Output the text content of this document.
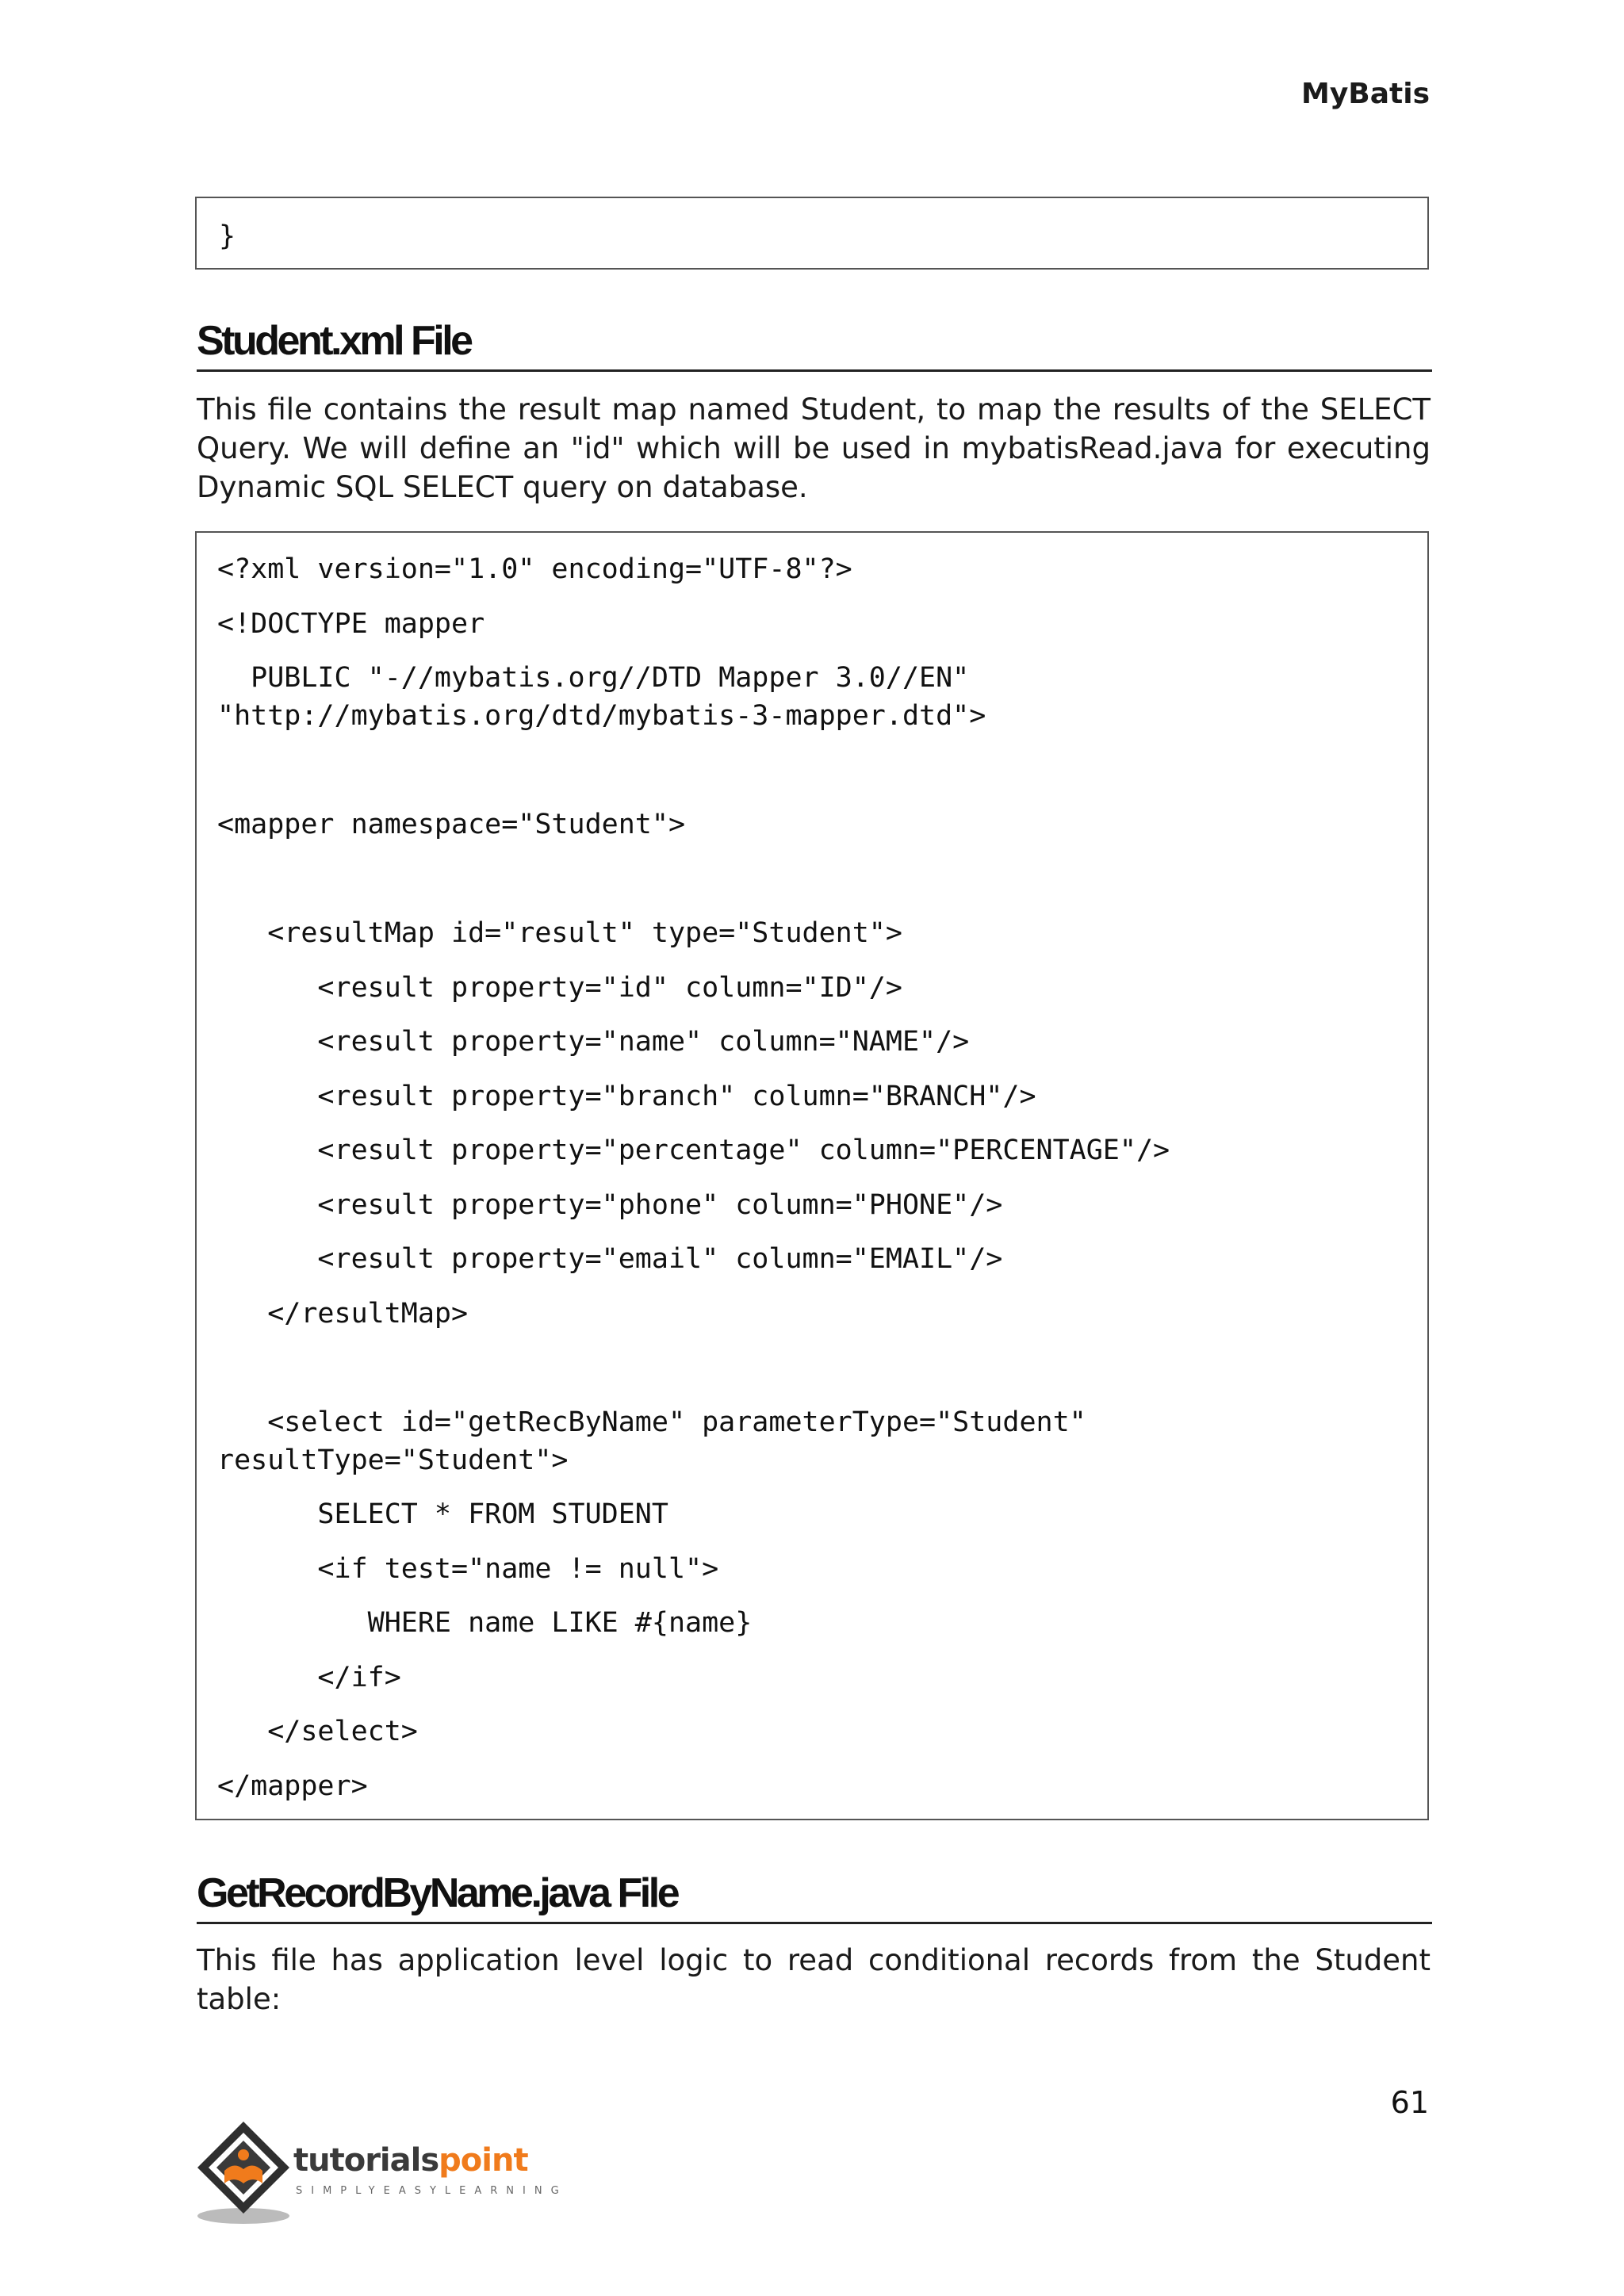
MyBatis
}
Student.xml File
This file contains the result map named Student, to map the results of the SELECT Query. We will define an "id" which will be used in mybatisRead.java for executing Dynamic SQL SELECT query on database.
<?xml version="1.0" encoding="UTF-8"?>
<!DOCTYPE mapper
PUBLIC "-//mybatis.org//DTD Mapper 3.0//EN"
"http://mybatis.org/dtd/mybatis-3-mapper.dtd">
<mapper namespace="Student">
<resultMap id="result" type="Student">
<result property="id" column="ID"/>
<result property="name" column="NAME"/>
<result property="branch" column="BRANCH"/>
<result property="percentage" column="PERCENTAGE"/>
<result property="phone" column="PHONE"/>
<result property="email" column="EMAIL"/>
</resultMap>
<select id="getRecByName" parameterType="Student"
resultType="Student">
SELECT * FROM STUDENT
<if test="name != null">
WHERE name LIKE #{name}
</if>
</select>
</mapper>
GetRecordByName.java File
This file has application level logic to read conditional records from the Student table:
61
tutorialspoint
SIMPLYEASYLEARNING
